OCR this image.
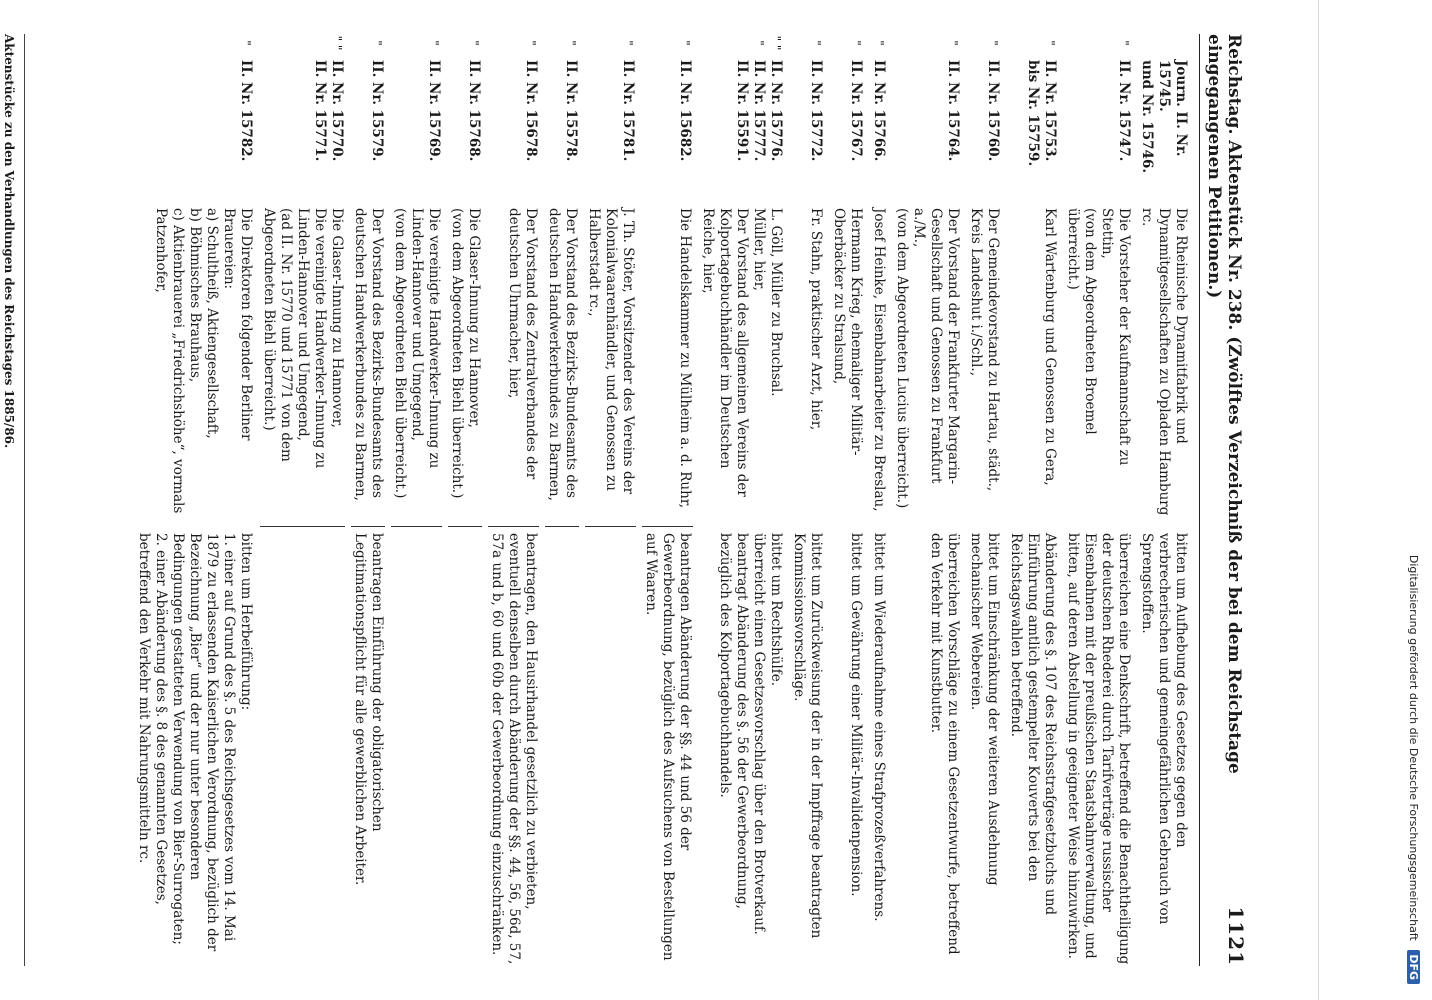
Reichstag. Aktenstück Nr. 238. (Zwölftes Verzeichniß der bei dem Reichstage eingegangenen Petitionen.)
1121
Journ. II. Nr. 15745.
und Nr. 15746.
Die Rheinische Dynamitfabrik und Dynamitgesellschaften zu Opladen Hamburg rc.
bitten um Aufhebung des Gesetzes gegen den verbrecherischen und gemeingefährlichen Gebrauch von Sprengstoffen.
"
II. Nr. 15747.
Die Vorsteher der Kaufmannschaft zu Stettin,
(von dem Abgeordneten Broemel überreicht.)
überreichen eine Denkschrift, betreffend die Benachtheiligung der deutschen Rhederei durch Tarifverträge russischer Eisenbahnen mit der preußischen Staatsbahnverwaltung, und bitten, auf deren Abstellung in geeigneter Weise hinzuwirken.
"
II. Nr. 15753.
bis Nr. 15759.
Karl Wartenburg und Genossen zu Gera,
Abänderung des §. 107 des Reichsstrafgesetzbuchs und Einführung amtlich gestempelter Kouverts bei den Reichstagswahlen betreffend.
"
II. Nr. 15760.
Der Gemeindevorstand zu Hartau, städt., Kreis Landeshut i./Schl.,
bittet um Einschränkung der weiteren Ausdehnung mechanischer Webereien.
"
II. Nr. 15764.
Der Vorstand der Frankfurter Margarin-Gesellschaft und Genossen zu Frankfurt a./M.,
(von dem Abgeordneten Lucius überreicht.)
überreichen Vorschläge zu einem Gesetzentwurfe, betreffend den Verkehr mit Kunstbutter.
"
II. Nr. 15766.
Josef Heinke, Eisenbahnarbeiter zu Breslau,
bittet um Wiederaufnahme eines Strafprozeßverfahrens.
"
II. Nr. 15767.
Hermann Krieg, ehemaliger Militär-Oberbäcker zu Stralsund,
bittet um Gewährung einer Militär-Invalidenpension.
"
II. Nr. 15772.
Fr. Stahn, praktischer Arzt, hier,
bittet um Zurückweisung der in der Impffrage beantragten Kommissionsvorschläge.
" " "
II. Nr. 15776.
II. Nr. 15777.
II. Nr. 15591.
L. Göll, Müller zu Bruchsal.
Müller, hier,
Der Vorstand des allgemeinen Vereins der Kolportagebuchhändler im Deutschen Reiche, hier,
bittet um Rechtshülfe.
überreicht einen Gesetzesvorschlag über den Brotverkauf.
beantragt Abänderung des §. 56 der Gewerbeordnung, bezüglich des Kolportagebuchhandels.
"
II. Nr. 15682.
Die Handelskammer zu Mülheim a. d. Ruhr,
beantragen Abänderung der §§. 44 und 56 der Gewerbeordnung, bezüglich des Aufsuchens von Bestellungen auf Waaren.
"
II. Nr. 15781.
J. Th. Stöter, Vorsitzender des Vereins der Kolonialwaarenhändler, und Genossen zu Halberstadt rc.,
"
II. Nr. 15578.
Der Vorstand des Bezirks-Bundesamts des deutschen Handwerkerbundes zu Barmen,
"
II. Nr. 15678.
Der Vorstand des Zentralverbandes der deutschen Uhrmacher, hier,
beantragen, den Hausirhandel gesetzlich zu verbieten, eventuell denselben durch Abänderung der §§. 44, 56, 56d, 57, 57a und b, 60 und 60b der Gewerbeordnung einzuschränken.
"
II. Nr. 15768.
Die Glaser-Innung zu Hannover,
(von dem Abgeordneten Biehl überreicht.)
"
II. Nr. 15769.
Die vereinigte Handwerker-Innung zu Linden-Hannover und Umgegend,
(von dem Abgeordneten Biehl überreicht.)
"
II. Nr. 15579.
Der Vorstand des Bezirks-Bundesamts des deutschen Handwerkerbundes zu Barmen,
beantragen Einführung der obligatorischen Legitimationspflicht für alle gewerblichen Arbeiter.
" "
II. Nr. 15770.
II. Nr. 15771.
Die Glaser-Innung zu Hannover,
Die vereinigte Handwerker-Innung zu Linden-Hannover und Umgegend,
(ad II. Nr. 15770 und 15771 von dem Abgeordneten Biehl überreicht.)
"
II. Nr. 15782.
Die Direktoren folgender Berliner Brauereien:
a) Schultheiß, Aktiengesellschaft,
b) Böhmisches Brauhaus,
c) Aktienbrauerei „Friedrichshöhe“, vormals Patzenhofer,
bitten um Herbeiführung:
1. einer auf Grund des §. 5 des Reichsgesetzes vom 14. Mai 1879 zu erlassenden Kaiserlichen Verordnung, bezüglich der Bezeichnung „Bier“ und der nur unter besonderen Bedingungen gestatteten Verwendung von Bier-Surrogaten;
2. einer Abänderung des §. 8 des genannten Gesetzes, betreffend den Verkehr mit Nahrungsmitteln rc.
Aktenstücke zu den Verhandlungen des Reichstages 1885/86.
Digitalisierung gefördert durch die Deutsche Forschungsgemeinschaft DFG
